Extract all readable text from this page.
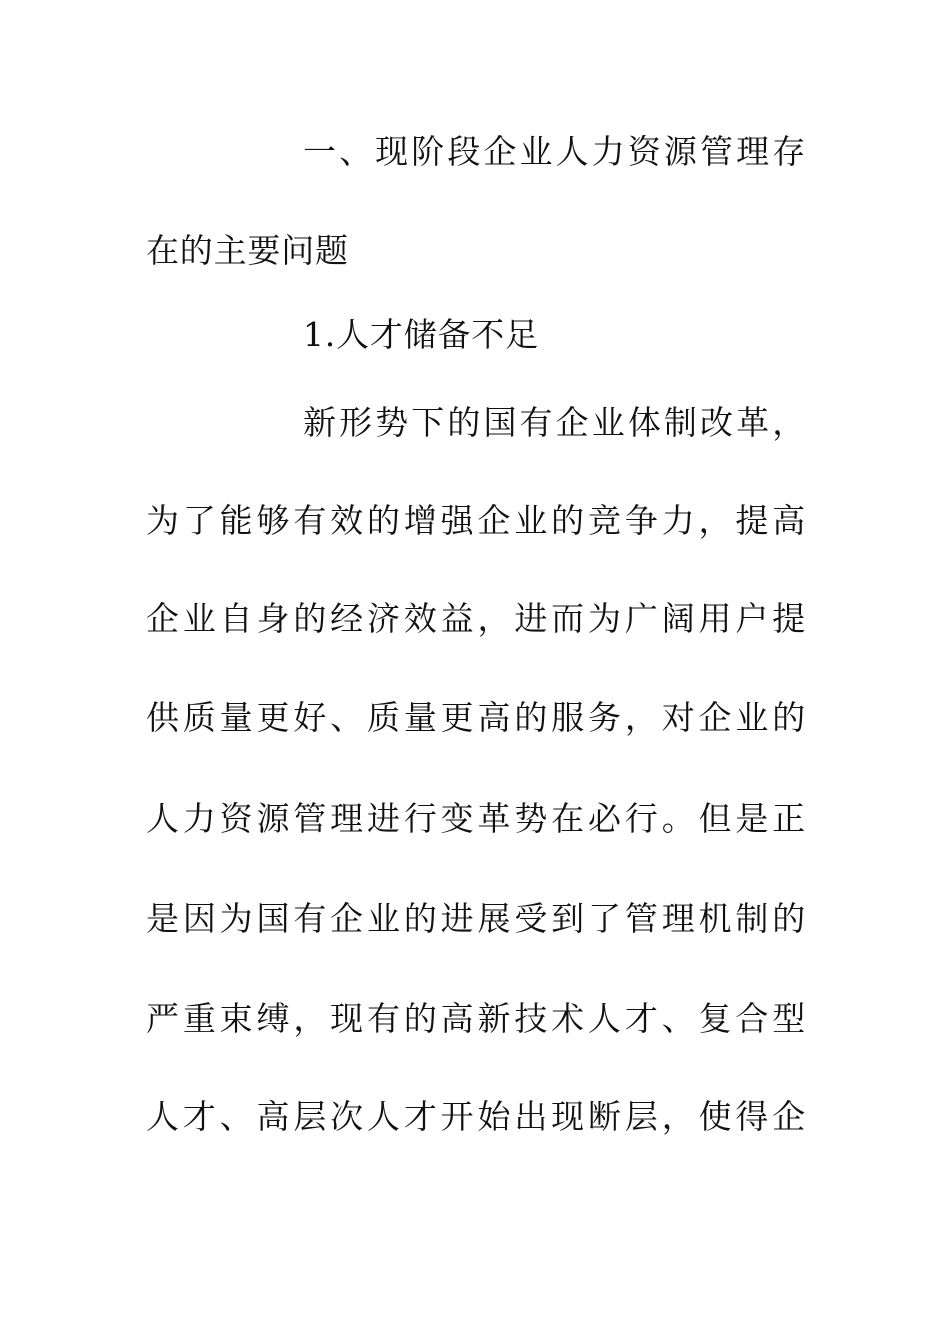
一、现阶段企业人力资源管理存
在的主要问题
1.人才储备不足
新形势下的国有企业体制改革，
为了能够有效的增强企业的竞争力，提高
企业自身的经济效益，进而为广阔用户提
供质量更好、质量更高的服务，对企业的
人力资源管理进行变革势在必行。但是正
是因为国有企业的进展受到了管理机制的
严重束缚，现有的高新技术人才、复合型
人才、高层次人才开始出现断层，使得企
